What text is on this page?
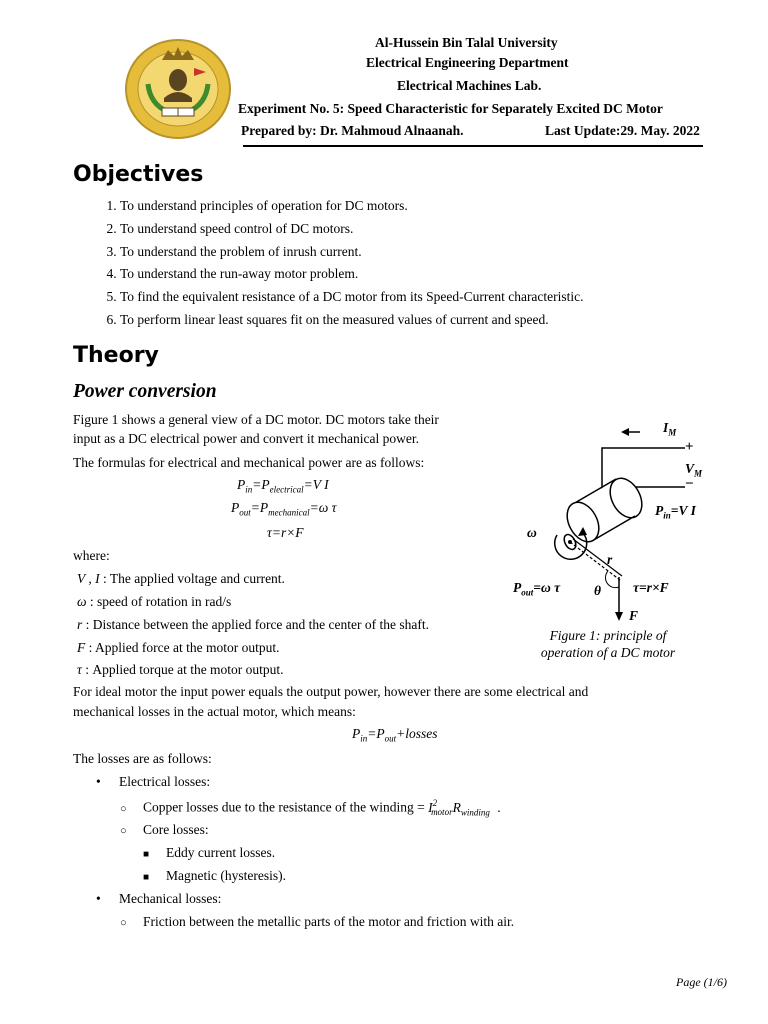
Al-Hussein Bin Talal University
Electrical Engineering Department
Electrical Machines Lab.
Experiment No. 5: Speed Characteristic for Separately Excited DC Motor
Prepared by: Dr. Mahmoud Alnaanah.	Last Update:29. May. 2022
Objectives
1. To understand principles of operation for DC motors.
2. To understand speed control of DC motors.
3. To understand the problem of inrush current.
4. To understand the run-away motor problem.
5. To find the equivalent resistance of a DC motor from its Speed-Current characteristic.
6. To perform linear least squares fit on the measured values of current and speed.
Theory
Power conversion
Figure 1 shows a general view of a DC motor. DC motors take their
input as a DC electrical power and convert it mechanical power.
The formulas for electrical and mechanical power are as follows:
$P_{in}=P_{electrical}=V$ I
$P_{out}=P_{mechanical}=\omega$ τ
τ=r×F
where:
V , I : The applied voltage and current.
ω : speed of rotation in rad/s
r : Distance between the applied force and the center of the shaft.
F : Applied force at the motor output.
τ : Applied torque at the motor output.
For ideal motor the input power equals the output power, however there are some electrical and
mechanical losses in the actual motor, which means:
$P_{in}=P_{out}+losses$
The losses are as follows:
• Electrical losses:
○ Copper losses due to the resistance of the winding = $I^2_{motor}R_{winding}$ .
○ Core losses:
■ Eddy current losses.
■ Magnetic (hysteresis).
• Mechanical losses:
○ Friction between the metallic parts of the motor and friction with air.
$I_M$
+
$V_M$
−
$P_{in}=V$ I
ω
r
$P_{out}=\omega$ τ	θ τ=r×F
F
Figure 1: principle of
operation of a DC motor
Page (1/6)
